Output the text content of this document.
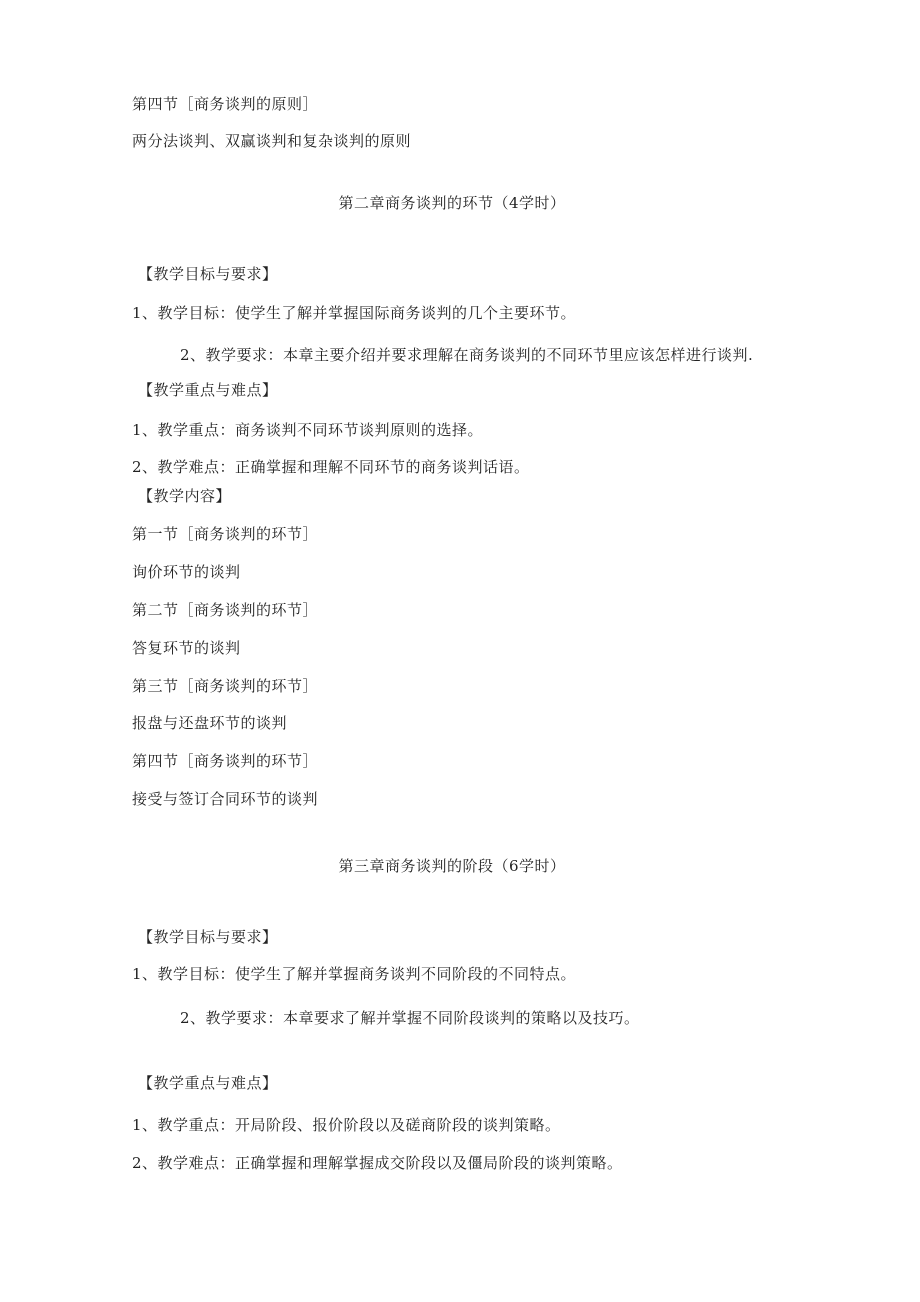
第四节［商务谈判的原则］
两分法谈判、双赢谈判和复杂谈判的原则
第二章商务谈判的环节（4学时）
【教学目标与要求】
1、教学目标：使学生了解并掌握国际商务谈判的几个主要环节。
2、教学要求：本章主要介绍并要求理解在商务谈判的不同环节里应该怎样进行谈判.
【教学重点与难点】
1、教学重点：商务谈判不同环节谈判原则的选择。
2、教学难点：正确掌握和理解不同环节的商务谈判话语。
【教学内容】
第一节［商务谈判的环节］
询价环节的谈判
第二节［商务谈判的环节］
答复环节的谈判
第三节［商务谈判的环节］
报盘与还盘环节的谈判
第四节［商务谈判的环节］
接受与签订合同环节的谈判
第三章商务谈判的阶段（6学时）
【教学目标与要求】
1、教学目标：使学生了解并掌握商务谈判不同阶段的不同特点。
2、教学要求：本章要求了解并掌握不同阶段谈判的策略以及技巧。
【教学重点与难点】
1、教学重点：开局阶段、报价阶段以及磋商阶段的谈判策略。
2、教学难点：正确掌握和理解掌握成交阶段以及僵局阶段的谈判策略。
